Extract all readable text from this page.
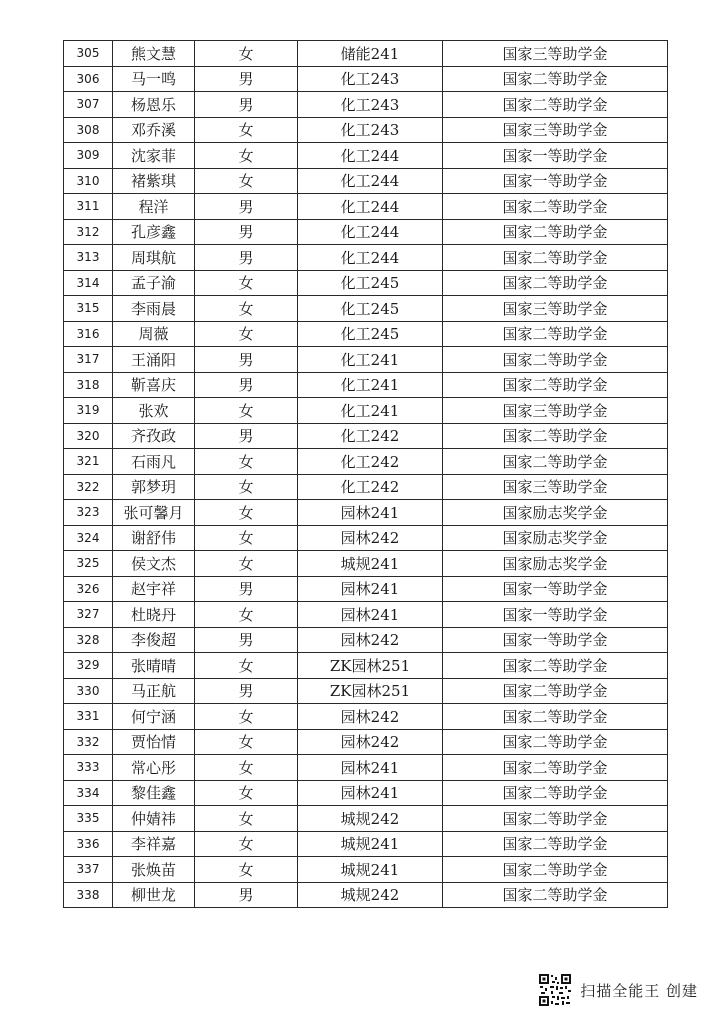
305	熊文慧	女	储能241	国家三等助学金
306	马一鸣	男	化工243	国家二等助学金
307	杨恩乐	男	化工243	国家二等助学金
308	邓乔溪	女	化工243	国家三等助学金
309	沈家菲	女	化工244	国家一等助学金
310	褚紫琪	女	化工244	国家一等助学金
311	程洋	男	化工244	国家二等助学金
312	孔彦鑫	男	化工244	国家二等助学金
313	周琪航	男	化工244	国家二等助学金
314	孟子渝	女	化工245	国家二等助学金
315	李雨晨	女	化工245	国家三等助学金
316	周薇	女	化工245	国家二等助学金
317	王涌阳	男	化工241	国家二等助学金
318	靳喜庆	男	化工241	国家二等助学金
319	张欢	女	化工241	国家三等助学金
320	齐孜政	男	化工242	国家二等助学金
321	石雨凡	女	化工242	国家二等助学金
322	郭梦玥	女	化工242	国家三等助学金
323	张可馨月	女	园林241	国家励志奖学金
324	谢舒伟	女	园林242	国家励志奖学金
325	侯文杰	女	城规241	国家励志奖学金
326	赵宇祥	男	园林241	国家一等助学金
327	杜晓丹	女	园林241	国家一等助学金
328	李俊超	男	园林242	国家一等助学金
329	张晴晴	女	ZK园林251	国家二等助学金
330	马正航	男	ZK园林251	国家二等助学金
331	何宁涵	女	园林242	国家二等助学金
332	贾怡情	女	园林242	国家二等助学金
333	常心彤	女	园林241	国家二等助学金
334	黎佳鑫	女	园林241	国家二等助学金
335	仲婧祎	女	城规242	国家二等助学金
336	李祥嘉	女	城规241	国家二等助学金
337	张焕苗	女	城规241	国家二等助学金
338	柳世龙	男	城规242	国家二等助学金
扫描全能王 创建
